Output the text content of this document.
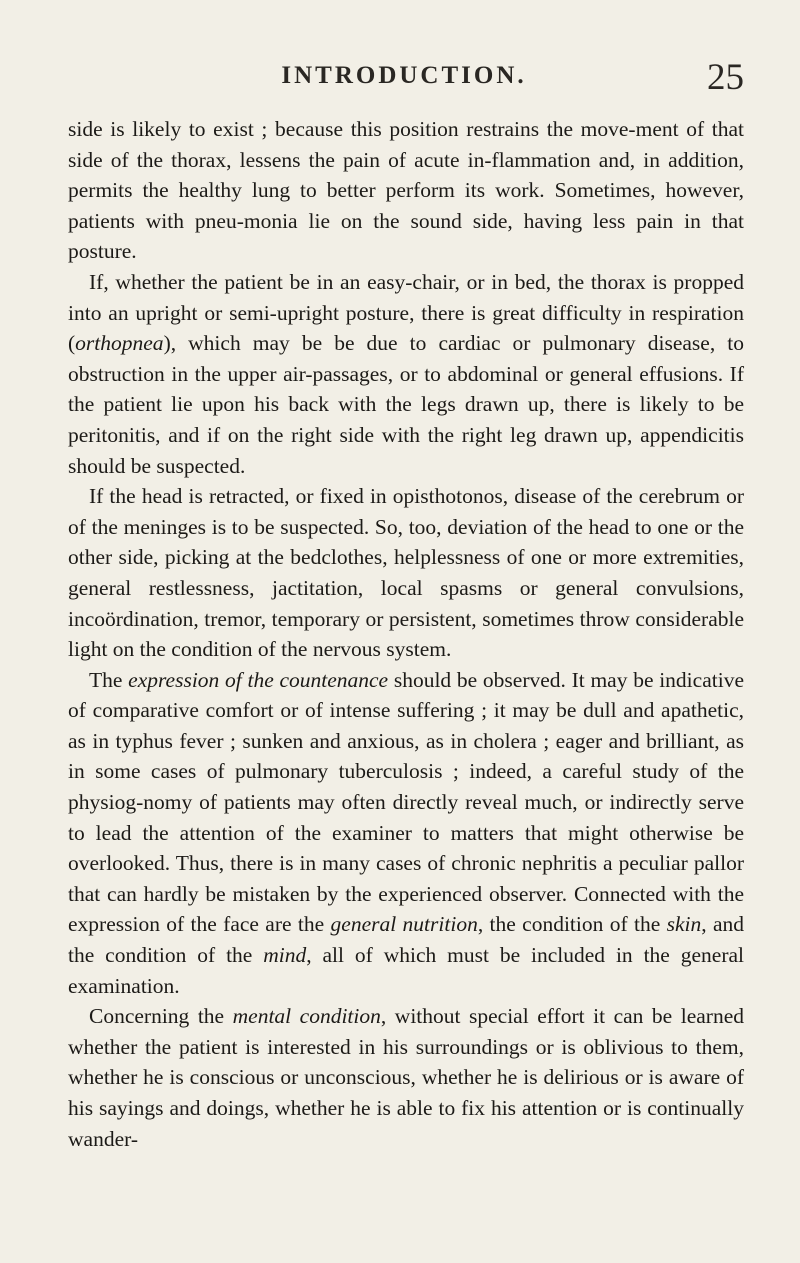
INTRODUCTION.	25

side is likely to exist ; because this position restrains the move-ment of that side of the thorax, lessens the pain of acute in-flammation and, in addition, permits the healthy lung to better perform its work. Sometimes, however, patients with pneu-monia lie on the sound side, having less pain in that posture.

If, whether the patient be in an easy-chair, or in bed, the thorax is propped into an upright or semi-upright posture, there is great difficulty in respiration (orthopnea), which may be be due to cardiac or pulmonary disease, to obstruction in the upper air-passages, or to abdominal or general effusions. If the patient lie upon his back with the legs drawn up, there is likely to be peritonitis, and if on the right side with the right leg drawn up, appendicitis should be suspected.

If the head is retracted, or fixed in opisthotonos, disease of the cerebrum or of the meninges is to be suspected. So, too, deviation of the head to one or the other side, picking at the bedclothes, helplessness of one or more extremities, general restlessness, jactitation, local spasms or general convulsions, incoördination, tremor, temporary or persistent, sometimes throw considerable light on the condition of the nervous system.

The expression of the countenance should be observed. It may be indicative of comparative comfort or of intense suffering ; it may be dull and apathetic, as in typhus fever ; sunken and anxious, as in cholera ; eager and brilliant, as in some cases of pulmonary tuberculosis ; indeed, a careful study of the physiog-nomy of patients may often directly reveal much, or indirectly serve to lead the attention of the examiner to matters that might otherwise be overlooked. Thus, there is in many cases of chronic nephritis a peculiar pallor that can hardly be mistaken by the experienced observer. Connected with the expression of the face are the general nutrition, the condition of the skin, and the condition of the mind, all of which must be included in the general examination.

Concerning the mental condition, without special effort it can be learned whether the patient is interested in his surroundings or is oblivious to them, whether he is conscious or unconscious, whether he is delirious or is aware of his sayings and doings, whether he is able to fix his attention or is continually wander-
